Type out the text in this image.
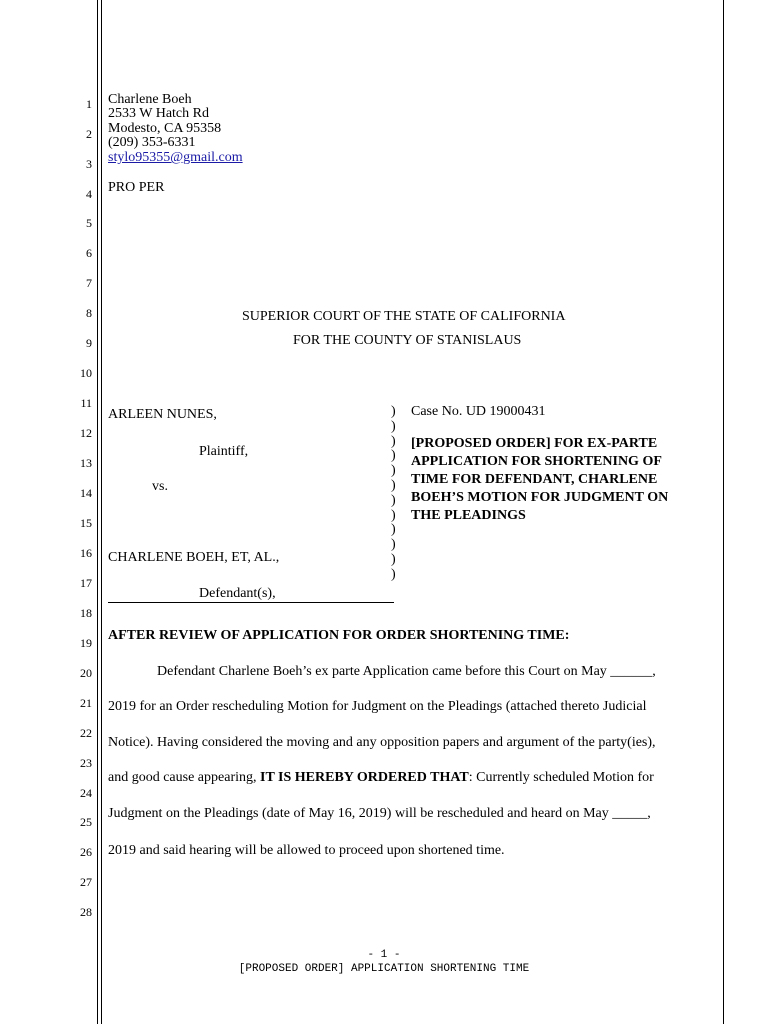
1
2
3
4
5
6
7
8
9
10
11
12
13
14
15
16
17
18
19
20
21
22
23
24
25
26
27
28
Charlene Boeh
2533 W Hatch Rd
Modesto, CA 95358
(209) 353-6331
stylo95355@gmail.com
PRO PER
SUPERIOR COURT OF THE STATE OF CALIFORNIA
FOR THE COUNTY OF STANISLAUS
ARLEEN NUNES,
Plaintiff,
vs.
CHARLENE BOEH, ET, AL.,
Defendant(s),
)
)
)
)
)
)
)
)
)
)
)
)
Case No. UD 19000431
[PROPOSED ORDER] FOR EX-PARTE
APPLICATION FOR SHORTENING OF
TIME FOR DEFENDANT, CHARLENE
BOEH’S MOTION FOR JUDGMENT ON
THE PLEADINGS
AFTER REVIEW OF APPLICATION FOR ORDER SHORTENING TIME:
Defendant Charlene Boeh’s ex parte Application came before this Court on May ______,
2019 for an Order rescheduling Motion for Judgment on the Pleadings (attached thereto Judicial
Notice). Having considered the moving and any opposition papers and argument of the party(ies),
and good cause appearing, IT IS HEREBY ORDERED THAT: Currently scheduled Motion for
Judgment on the Pleadings (date of May 16, 2019) will be rescheduled and heard on May _____,
2019 and said hearing will be allowed to proceed upon shortened time.
- 1 -
[PROPOSED ORDER] APPLICATION SHORTENING TIME
